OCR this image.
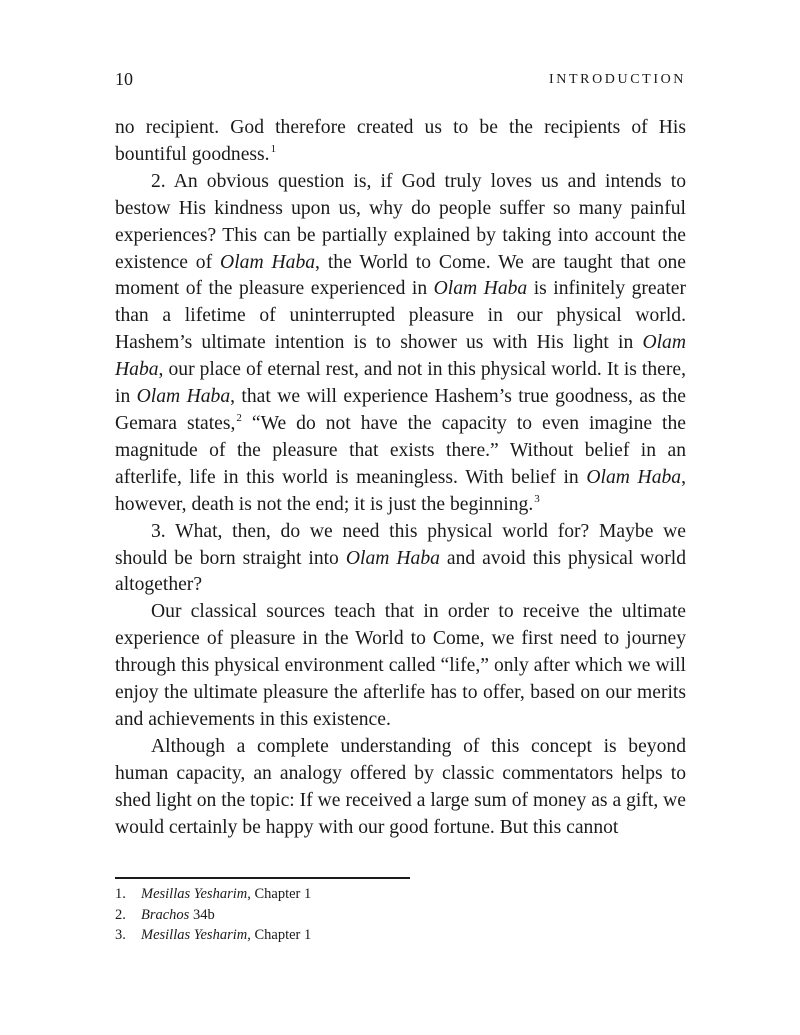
10	INTRODUCTION

no recipient. God therefore created us to be the recipients of His bountiful goodness.$^1$

2. An obvious question is, if God truly loves us and intends to bestow His kindness upon us, why do people suffer so many painful experiences? This can be partially explained by taking into account the existence of Olam Haba, the World to Come. We are taught that one moment of the pleasure experienced in Olam Haba is infinitely greater than a lifetime of uninterrupted pleasure in our physical world. Hashem’s ultimate intention is to shower us with His light in Olam Haba, our place of eternal rest, and not in this physical world. It is there, in Olam Haba, that we will experience Hashem’s true goodness, as the Gemara states,$^2$ “We do not have the capacity to even imagine the magnitude of the pleasure that exists there.” Without belief in an afterlife, life in this world is meaningless. With belief in Olam Haba, however, death is not the end; it is just the beginning.$^3$

3. What, then, do we need this physical world for? Maybe we should be born straight into Olam Haba and avoid this physical world altogether?

Our classical sources teach that in order to receive the ultimate experience of pleasure in the World to Come, we first need to journey through this physical environment called “life,” only after which we will enjoy the ultimate pleasure the afterlife has to offer, based on our merits and achievements in this existence.

Although a complete understanding of this concept is beyond human capacity, an analogy offered by classic commentators helps to shed light on the topic: If we received a large sum of money as a gift, we would certainly be happy with our good fortune. But this cannot

1.	Mesillas Yesharim, Chapter 1
2.	Brachos 34b
3.	Mesillas Yesharim, Chapter 1
